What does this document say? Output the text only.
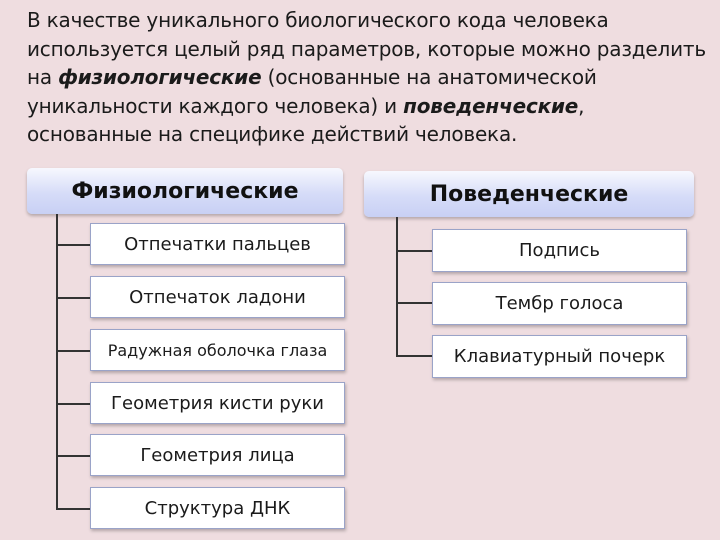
В качестве уникального биологического кода человека используется целый ряд параметров, которые можно разделить на физиологические (основанные на анатомической уникальности каждого человека) и поведенческие, основанные на специфике действий человека.
Физиологические
Отпечатки пальцев
Отпечаток ладони
Радужная оболочка глаза
Геометрия кисти руки
Геометрия лица
Структура ДНК
Поведенческие
Подпись
Тембр голоса
Клавиатурный почерк
